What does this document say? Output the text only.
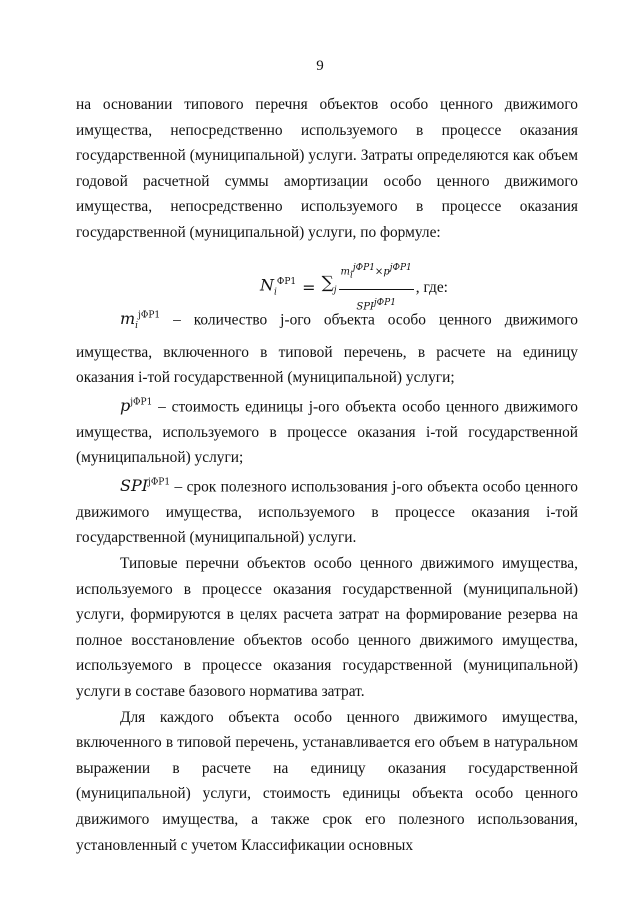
9

на основании типового перечня объектов особо ценного движимого имущества, непосредственно используемого в процессе оказания государственной (муниципальной) услуги. Затраты определяются как объем годовой расчетной суммы амортизации особо ценного движимого имущества, непосредственно используемого в процессе оказания государственной (муниципальной) услуги, по формуле:

$N_i^{ФР1} = \sum_j \frac{m_i^{jФР1}\times p^{jФР1}}{SPI^{jФР1}}$ , где:

$m_i^{jФР1}$ – количество j-ого объекта особо ценного движимого имущества, включенного в типовой перечень, в расчете на единицу оказания i-той государственной (муниципальной) услуги;

$p^{jФР1}$ – стоимость единицы j-ого объекта особо ценного движимого имущества, используемого в процессе оказания i-той государственной (муниципальной) услуги;

$SPI^{jФР1}$ – срок полезного использования j-ого объекта особо ценного движимого имущества, используемого в процессе оказания i-той государственной (муниципальной) услуги.

Типовые перечни объектов особо ценного движимого имущества, используемого в процессе оказания государственной (муниципальной) услуги, формируются в целях расчета затрат на формирование резерва на полное восстановление объектов особо ценного движимого имущества, используемого в процессе оказания государственной (муниципальной) услуги в составе базового норматива затрат.

Для каждого объекта особо ценного движимого имущества, включенного в типовой перечень, устанавливается его объем в натуральном выражении в расчете на единицу оказания государственной (муниципальной) услуги, стоимость единицы объекта особо ценного движимого имущества, а также срок его полезного использования, установленный с учетом Классификации основных
